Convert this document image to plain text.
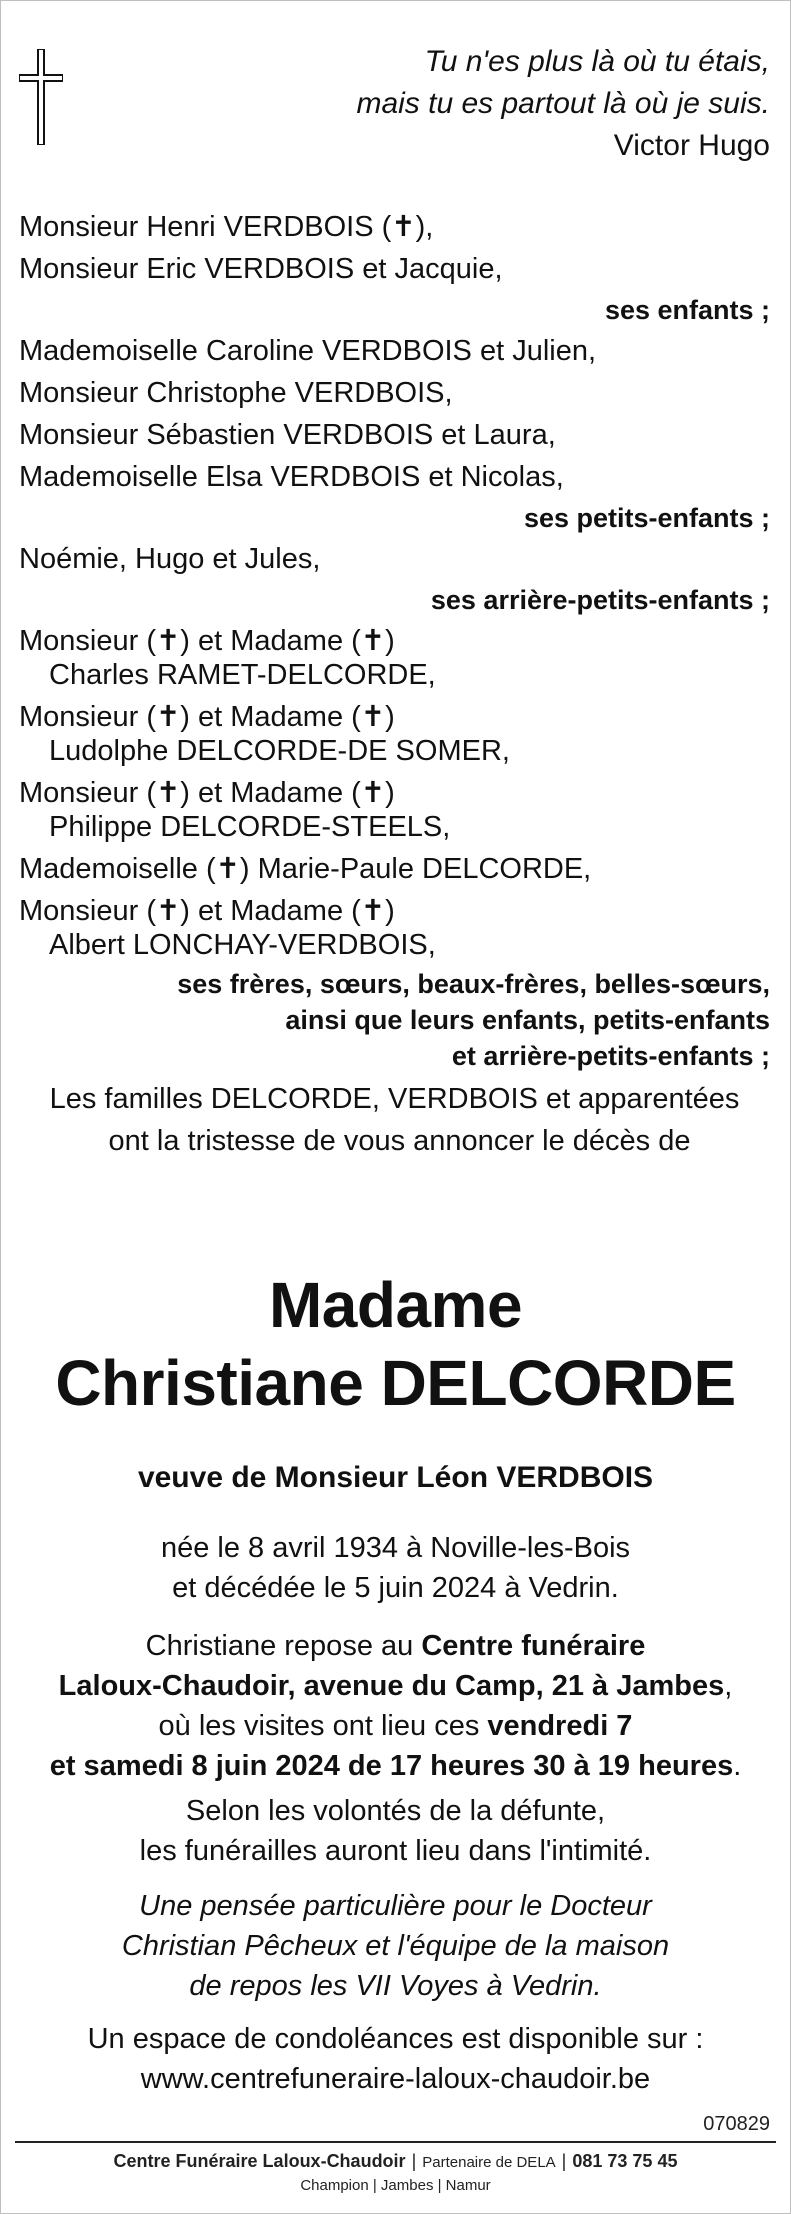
Tu n'es plus là où tu étais,
mais tu es partout là où je suis.
Victor Hugo
Monsieur Henri VERDBOIS (✝),
Monsieur Eric VERDBOIS et Jacquie,
ses enfants ;
Mademoiselle Caroline VERDBOIS et Julien,
Monsieur Christophe VERDBOIS,
Monsieur Sébastien VERDBOIS et Laura,
Mademoiselle Elsa VERDBOIS et Nicolas,
ses petits-enfants ;
Noémie, Hugo et Jules,
ses arrière-petits-enfants ;
Monsieur (✝) et Madame (✝)
Charles RAMET-DELCORDE,
Monsieur (✝) et Madame (✝)
Ludolphe DELCORDE-DE SOMER,
Monsieur (✝) et Madame (✝)
Philippe DELCORDE-STEELS,
Mademoiselle (✝) Marie-Paule DELCORDE,
Monsieur (✝) et Madame (✝)
Albert LONCHAY-VERDBOIS,
ses frères, sœurs, beaux-frères, belles-sœurs,
ainsi que leurs enfants, petits-enfants
et arrière-petits-enfants ;
Les familles DELCORDE, VERDBOIS et apparentées
ont la tristesse de vous annoncer le décès de
Madame
Christiane DELCORDE
veuve de Monsieur Léon VERDBOIS
née le 8 avril 1934 à Noville-les-Bois
et décédée le 5 juin 2024 à Vedrin.
Christiane repose au Centre funéraire
Laloux-Chaudoir, avenue du Camp, 21 à Jambes,
où les visites ont lieu ces vendredi 7
et samedi 8 juin 2024 de 17 heures 30 à 19 heures.
Selon les volontés de la défunte,
les funérailles auront lieu dans l'intimité.
Une pensée particulière pour le Docteur
Christian Pêcheux et l'équipe de la maison
de repos les VII Voyes à Vedrin.
Un espace de condoléances est disponible sur :
www.centrefuneraire-laloux-chaudoir.be
070829
Centre Funéraire Laloux-Chaudoir | Partenaire de DELA | 081 73 75 45
Champion | Jambes | Namur
